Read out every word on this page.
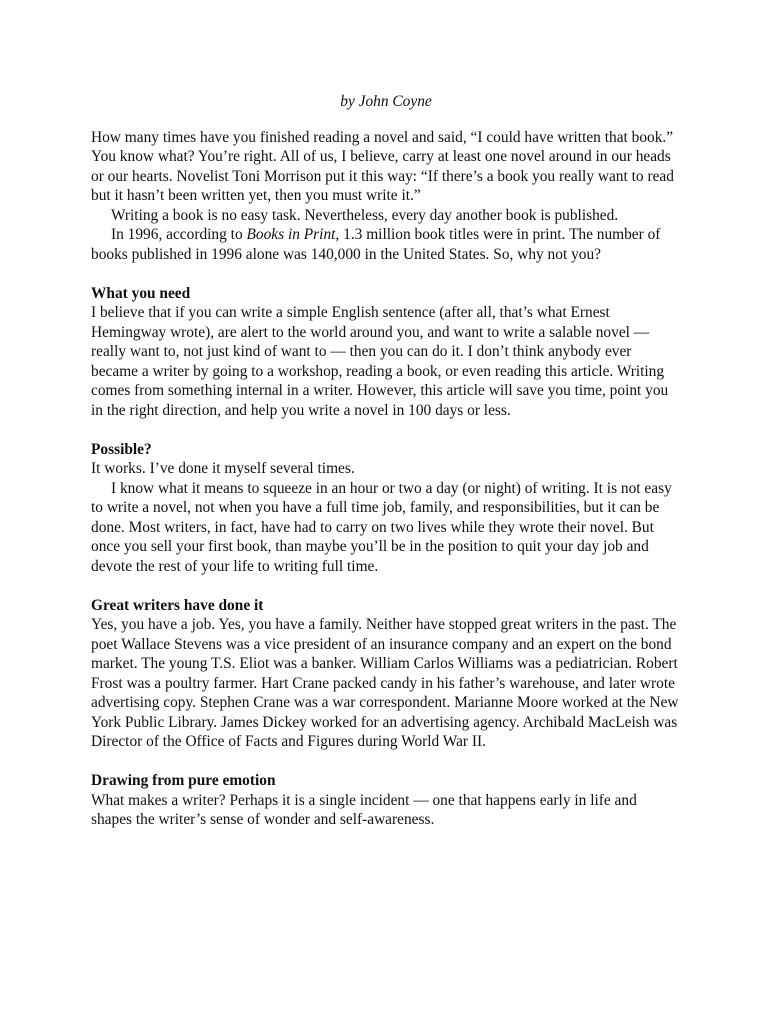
by John Coyne

How many times have you finished reading a novel and said, “I could have written that book.” You know what? You’re right. All of us, I believe, carry at least one novel around in our heads or our hearts. Novelist Toni Morrison put it this way: “If there’s a book you really want to read but it hasn’t been written yet, then you must write it.”

Writing a book is no easy task. Nevertheless, every day another book is published.

In 1996, according to Books in Print, 1.3 million book titles were in print. The number of books published in 1996 alone was 140,000 in the United States. So, why not you?

What you need

I believe that if you can write a simple English sentence (after all, that’s what Ernest Hemingway wrote), are alert to the world around you, and want to write a salable novel — really want to, not just kind of want to — then you can do it. I don’t think anybody ever became a writer by going to a workshop, reading a book, or even reading this article. Writing comes from something internal in a writer. However, this article will save you time, point you in the right direction, and help you write a novel in 100 days or less.

Possible?

It works. I’ve done it myself several times.

I know what it means to squeeze in an hour or two a day (or night) of writing. It is not easy to write a novel, not when you have a full time job, family, and responsibilities, but it can be done. Most writers, in fact, have had to carry on two lives while they wrote their novel. But once you sell your first book, than maybe you’ll be in the position to quit your day job and devote the rest of your life to writing full time.

Great writers have done it

Yes, you have a job. Yes, you have a family. Neither have stopped great writers in the past. The poet Wallace Stevens was a vice president of an insurance company and an expert on the bond market. The young T.S. Eliot was a banker. William Carlos Williams was a pediatrician. Robert Frost was a poultry farmer. Hart Crane packed candy in his father’s warehouse, and later wrote advertising copy. Stephen Crane was a war correspondent. Marianne Moore worked at the New York Public Library. James Dickey worked for an advertising agency. Archibald MacLeish was Director of the Office of Facts and Figures during World War II.

Drawing from pure emotion

What makes a writer? Perhaps it is a single incident — one that happens early in life and shapes the writer’s sense of wonder and self-awareness.
